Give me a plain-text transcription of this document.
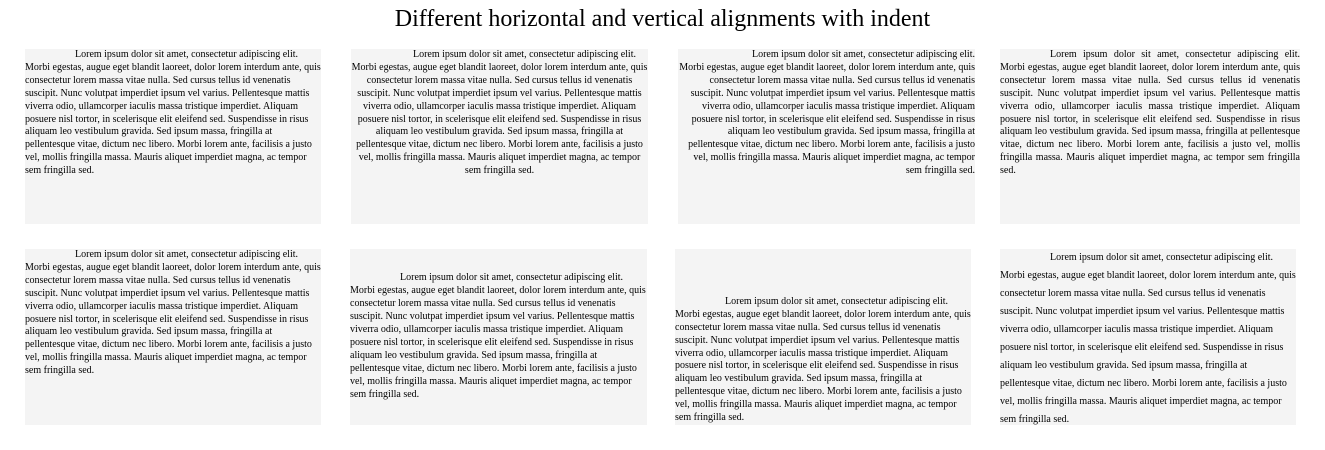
Different horizontal and vertical alignments with indent

Lorem ipsum dolor sit amet, consectetur adipiscing elit. Morbi egestas, augue eget blandit laoreet, dolor lorem interdum ante, quis consectetur lorem massa vitae nulla. Sed cursus tellus id venenatis suscipit. Nunc volutpat imperdiet ipsum vel varius. Pellentesque mattis viverra odio, ullamcorper iaculis massa tristique imperdiet. Aliquam posuere nisl tortor, in scelerisque elit eleifend sed. Suspendisse in risus aliquam leo vestibulum gravida. Sed ipsum massa, fringilla at pellentesque vitae, dictum nec libero. Morbi lorem ante, facilisis a justo vel, mollis fringilla massa. Mauris aliquet imperdiet magna, ac tempor sem fringilla sed.

Lorem ipsum dolor sit amet, consectetur adipiscing elit. Morbi egestas, augue eget blandit laoreet, dolor lorem interdum ante, quis consectetur lorem massa vitae nulla. Sed cursus tellus id venenatis suscipit. Nunc volutpat imperdiet ipsum vel varius. Pellentesque mattis viverra odio, ullamcorper iaculis massa tristique imperdiet. Aliquam posuere nisl tortor, in scelerisque elit eleifend sed. Suspendisse in risus aliquam leo vestibulum gravida. Sed ipsum massa, fringilla at pellentesque vitae, dictum nec libero. Morbi lorem ante, facilisis a justo vel, mollis fringilla massa. Mauris aliquet imperdiet magna, ac tempor sem fringilla sed.

Lorem ipsum dolor sit amet, consectetur adipiscing elit. Morbi egestas, augue eget blandit laoreet, dolor lorem interdum ante, quis consectetur lorem massa vitae nulla. Sed cursus tellus id venenatis suscipit. Nunc volutpat imperdiet ipsum vel varius. Pellentesque mattis viverra odio, ullamcorper iaculis massa tristique imperdiet. Aliquam posuere nisl tortor, in scelerisque elit eleifend sed. Suspendisse in risus aliquam leo vestibulum gravida. Sed ipsum massa, fringilla at pellentesque vitae, dictum nec libero. Morbi lorem ante, facilisis a justo vel, mollis fringilla massa. Mauris aliquet imperdiet magna, ac tempor sem fringilla sed.

Lorem ipsum dolor sit amet, consectetur adipiscing elit. Morbi egestas, augue eget blandit laoreet, dolor lorem interdum ante, quis consectetur lorem massa vitae nulla. Sed cursus tellus id venenatis suscipit. Nunc volutpat imperdiet ipsum vel varius. Pellentesque mattis viverra odio, ullamcorper iaculis massa tristique imperdiet. Aliquam posuere nisl tortor, in scelerisque elit eleifend sed. Suspendisse in risus aliquam leo vestibulum gravida. Sed ipsum massa, fringilla at pellentesque vitae, dictum nec libero. Morbi lorem ante, facilisis a justo vel, mollis fringilla massa. Mauris aliquet imperdiet magna, ac tempor sem fringilla sed.

Lorem ipsum dolor sit amet, consectetur adipiscing elit. Morbi egestas, augue eget blandit laoreet, dolor lorem interdum ante, quis consectetur lorem massa vitae nulla. Sed cursus tellus id venenatis suscipit. Nunc volutpat imperdiet ipsum vel varius. Pellentesque mattis viverra odio, ullamcorper iaculis massa tristique imperdiet. Aliquam posuere nisl tortor, in scelerisque elit eleifend sed. Suspendisse in risus aliquam leo vestibulum gravida. Sed ipsum massa, fringilla at pellentesque vitae, dictum nec libero. Morbi lorem ante, facilisis a justo vel, mollis fringilla massa. Mauris aliquet imperdiet magna, ac tempor sem fringilla sed.

Lorem ipsum dolor sit amet, consectetur adipiscing elit. Morbi egestas, augue eget blandit laoreet, dolor lorem interdum ante, quis consectetur lorem massa vitae nulla. Sed cursus tellus id venenatis suscipit. Nunc volutpat imperdiet ipsum vel varius. Pellentesque mattis viverra odio, ullamcorper iaculis massa tristique imperdiet. Aliquam posuere nisl tortor, in scelerisque elit eleifend sed. Suspendisse in risus aliquam leo vestibulum gravida. Sed ipsum massa, fringilla at pellentesque vitae, dictum nec libero. Morbi lorem ante, facilisis a justo vel, mollis fringilla massa. Mauris aliquet imperdiet magna, ac tempor sem fringilla sed.

Lorem ipsum dolor sit amet, consectetur adipiscing elit. Morbi egestas, augue eget blandit laoreet, dolor lorem interdum ante, quis consectetur lorem massa vitae nulla. Sed cursus tellus id venenatis suscipit. Nunc volutpat imperdiet ipsum vel varius. Pellentesque mattis viverra odio, ullamcorper iaculis massa tristique imperdiet. Aliquam posuere nisl tortor, in scelerisque elit eleifend sed. Suspendisse in risus aliquam leo vestibulum gravida. Sed ipsum massa, fringilla at pellentesque vitae, dictum nec libero. Morbi lorem ante, facilisis a justo vel, mollis fringilla massa. Mauris aliquet imperdiet magna, ac tempor sem fringilla sed.

Lorem ipsum dolor sit amet, consectetur adipiscing elit. Morbi egestas, augue eget blandit laoreet, dolor lorem interdum ante, quis consectetur lorem massa vitae nulla. Sed cursus tellus id venenatis suscipit. Nunc volutpat imperdiet ipsum vel varius. Pellentesque mattis viverra odio, ullamcorper iaculis massa tristique imperdiet. Aliquam posuere nisl tortor, in scelerisque elit eleifend sed. Suspendisse in risus aliquam leo vestibulum gravida. Sed ipsum massa, fringilla at pellentesque vitae, dictum nec libero. Morbi lorem ante, facilisis a justo vel, mollis fringilla massa. Mauris aliquet imperdiet magna, ac tempor sem fringilla sed.
